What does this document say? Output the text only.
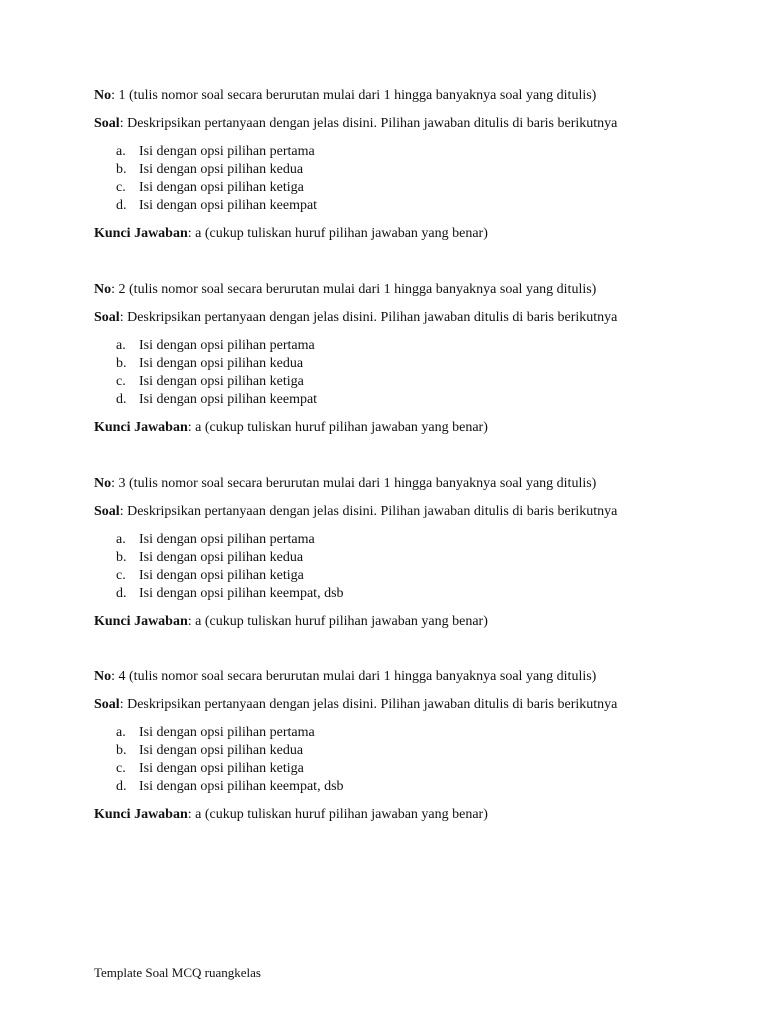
No: 1 (tulis nomor soal secara berurutan mulai dari 1 hingga banyaknya soal yang ditulis)
Soal: Deskripsikan pertanyaan dengan jelas disini. Pilihan jawaban ditulis di baris berikutnya
a. Isi dengan opsi pilihan pertama
b. Isi dengan opsi pilihan kedua
c. Isi dengan opsi pilihan ketiga
d. Isi dengan opsi pilihan keempat
Kunci Jawaban: a (cukup tuliskan huruf pilihan jawaban yang benar)
No: 2 (tulis nomor soal secara berurutan mulai dari 1 hingga banyaknya soal yang ditulis)
Soal: Deskripsikan pertanyaan dengan jelas disini. Pilihan jawaban ditulis di baris berikutnya
a. Isi dengan opsi pilihan pertama
b. Isi dengan opsi pilihan kedua
c. Isi dengan opsi pilihan ketiga
d. Isi dengan opsi pilihan keempat
Kunci Jawaban: a (cukup tuliskan huruf pilihan jawaban yang benar)
No: 3 (tulis nomor soal secara berurutan mulai dari 1 hingga banyaknya soal yang ditulis)
Soal: Deskripsikan pertanyaan dengan jelas disini. Pilihan jawaban ditulis di baris berikutnya
a. Isi dengan opsi pilihan pertama
b. Isi dengan opsi pilihan kedua
c. Isi dengan opsi pilihan ketiga
d. Isi dengan opsi pilihan keempat, dsb
Kunci Jawaban: a (cukup tuliskan huruf pilihan jawaban yang benar)
No: 4 (tulis nomor soal secara berurutan mulai dari 1 hingga banyaknya soal yang ditulis)
Soal: Deskripsikan pertanyaan dengan jelas disini. Pilihan jawaban ditulis di baris berikutnya
a. Isi dengan opsi pilihan pertama
b. Isi dengan opsi pilihan kedua
c. Isi dengan opsi pilihan ketiga
d. Isi dengan opsi pilihan keempat, dsb
Kunci Jawaban: a (cukup tuliskan huruf pilihan jawaban yang benar)
Template Soal MCQ ruangkelas
